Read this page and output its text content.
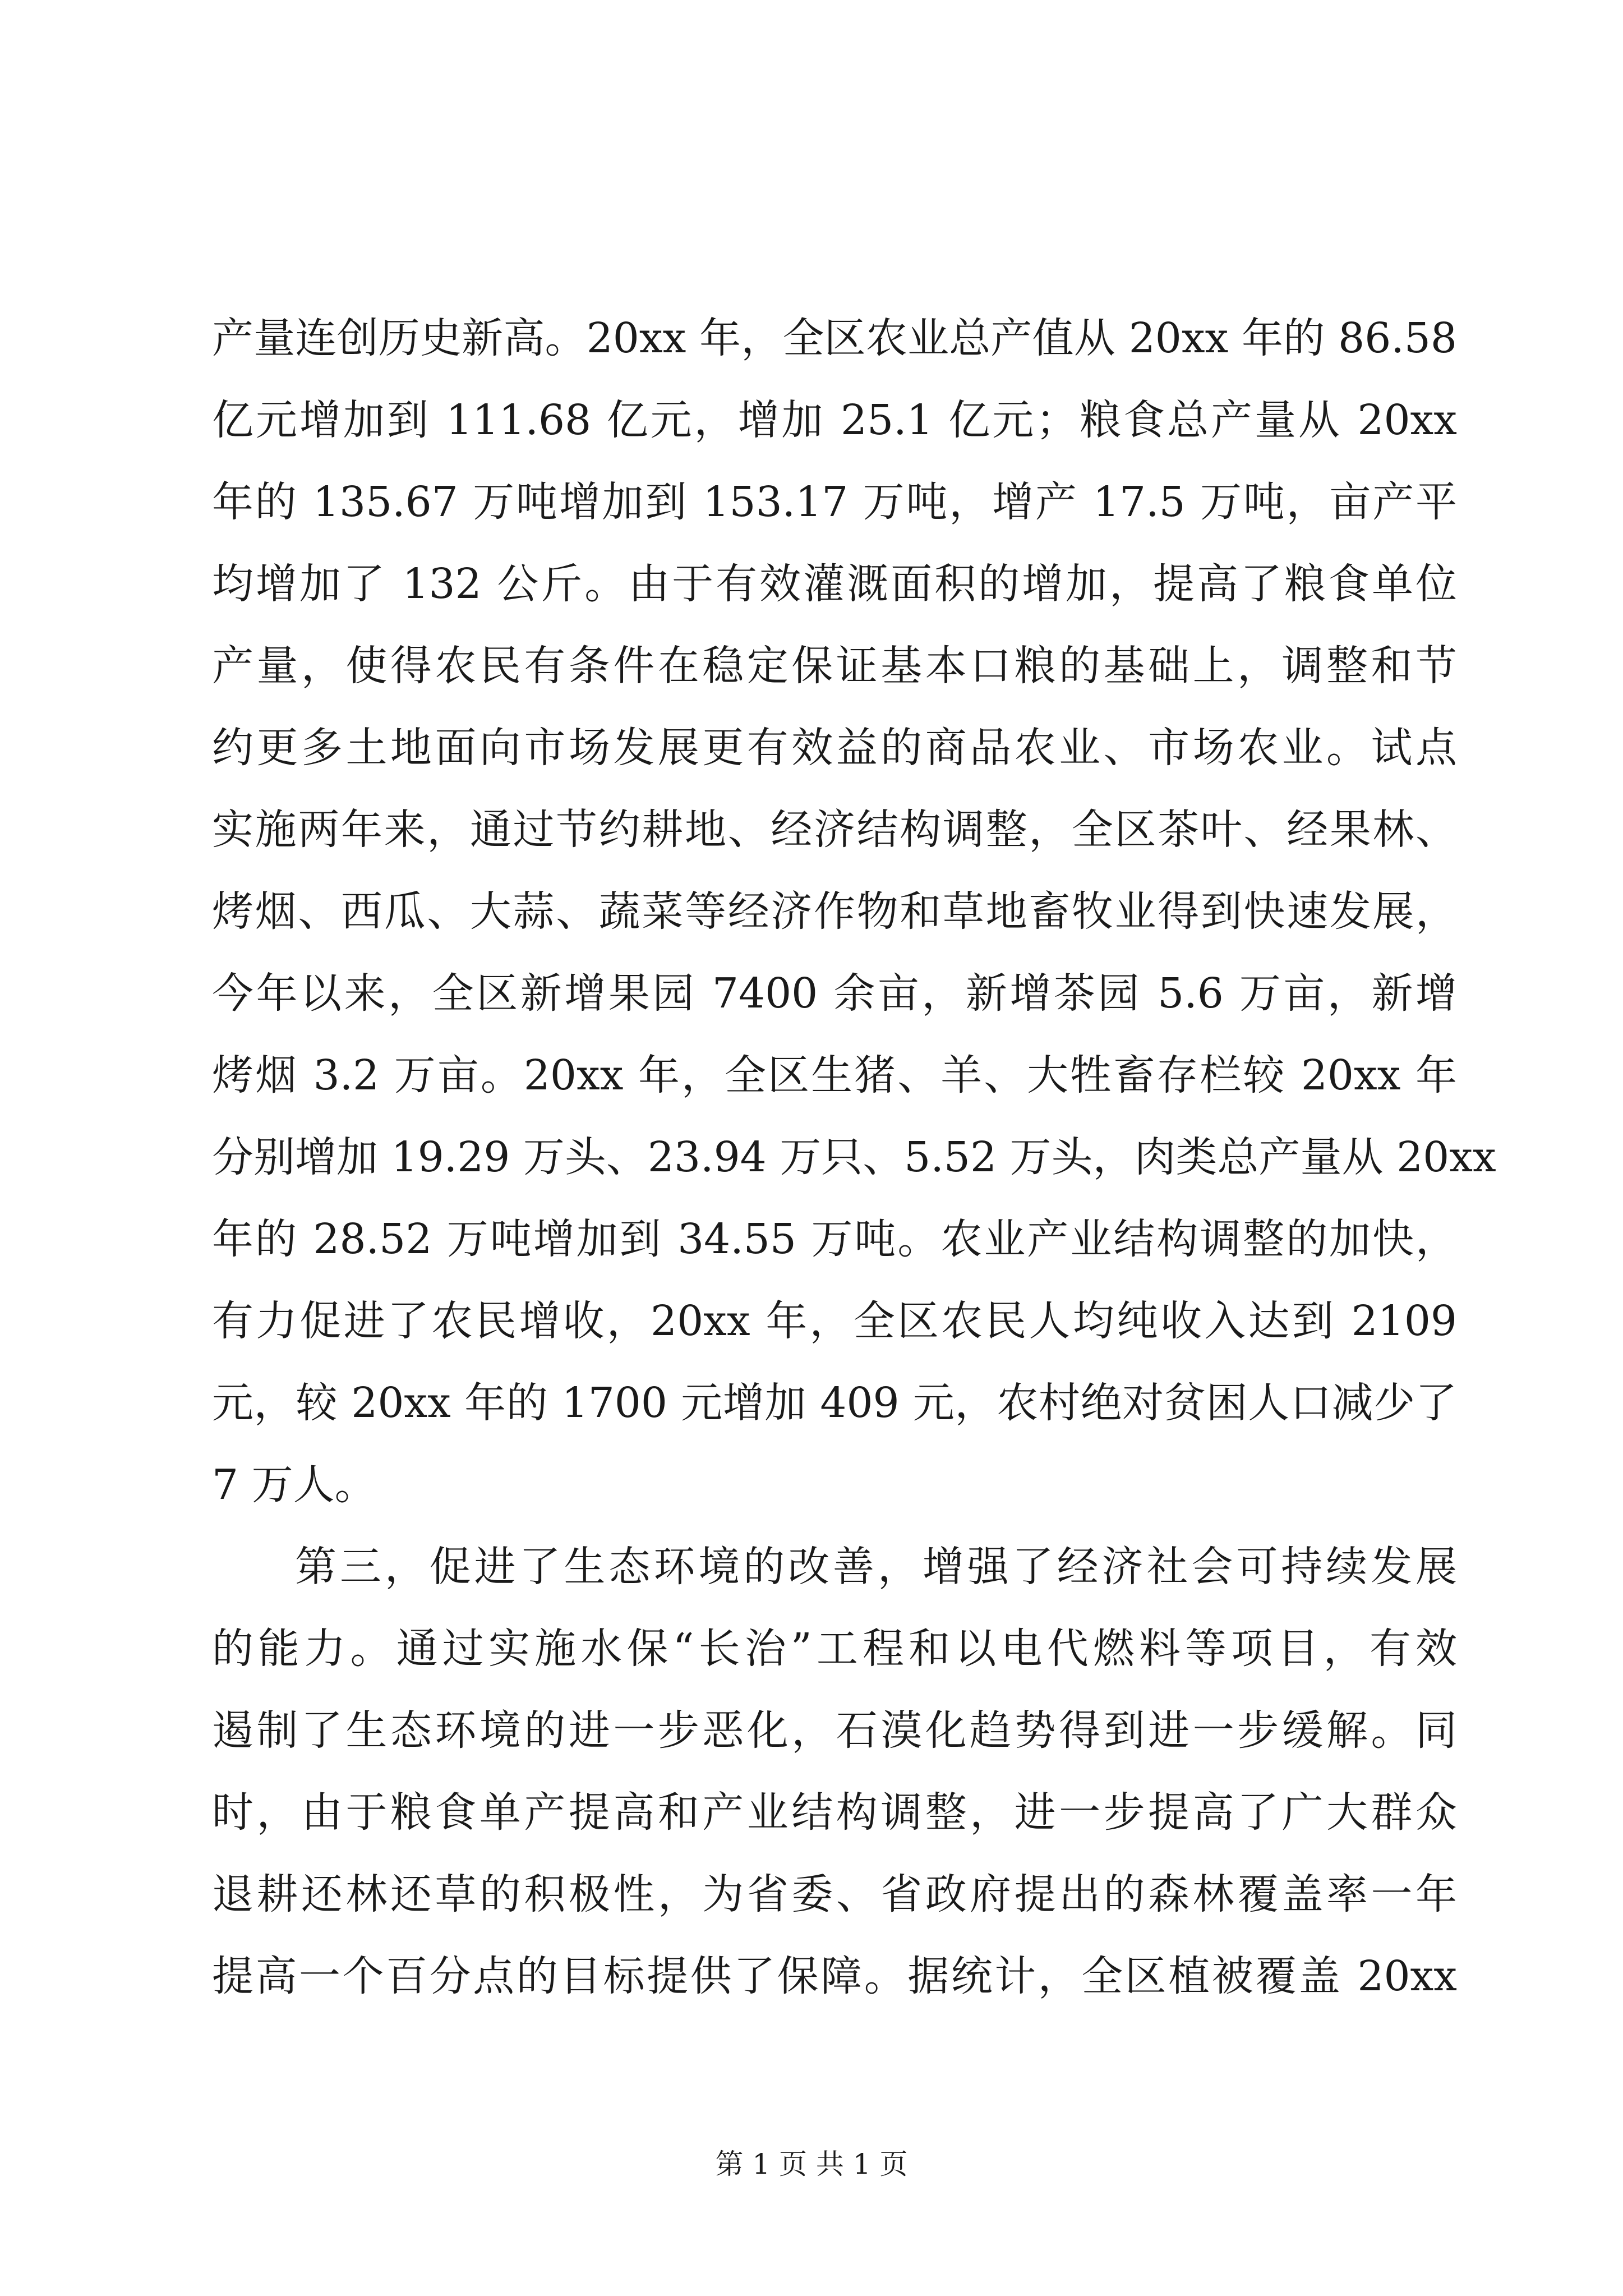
产量连创历史新高。20xx 年，全区农业总产值从 20xx 年的 86.58
亿元增加到 111.68 亿元，增加 25.1 亿元；粮食总产量从 20xx
年的 135.67 万吨增加到 153.17 万吨，增产 17.5 万吨，亩产平
均增加了 132 公斤。由于有效灌溉面积的增加，提高了粮食单位
产量，使得农民有条件在稳定保证基本口粮的基础上，调整和节
约更多土地面向市场发展更有效益的商品农业、市场农业。试点
实施两年来，通过节约耕地、经济结构调整，全区茶叶、经果林、
烤烟、西瓜、大蒜、蔬菜等经济作物和草地畜牧业得到快速发展，
今年以来，全区新增果园 7400 余亩，新增茶园 5.6 万亩，新增
烤烟 3.2 万亩。20xx 年，全区生猪、羊、大牲畜存栏较 20xx 年
分别增加 19.29 万头、23.94 万只、5.52 万头，肉类总产量从 20xx
年的 28.52 万吨增加到 34.55 万吨。农业产业结构调整的加快，
有力促进了农民增收，20xx 年，全区农民人均纯收入达到 2109
元，较 20xx 年的 1700 元增加 409 元，农村绝对贫困人口减少了
7 万人。
第三，促进了生态环境的改善，增强了经济社会可持续发展
的能力。通过实施水保“长治”工程和以电代燃料等项目，有效
遏制了生态环境的进一步恶化，石漠化趋势得到进一步缓解。同
时，由于粮食单产提高和产业结构调整，进一步提高了广大群众
退耕还林还草的积极性，为省委、省政府提出的森林覆盖率一年
提高一个百分点的目标提供了保障。据统计，全区植被覆盖 20xx
第 1 页 共 1 页
